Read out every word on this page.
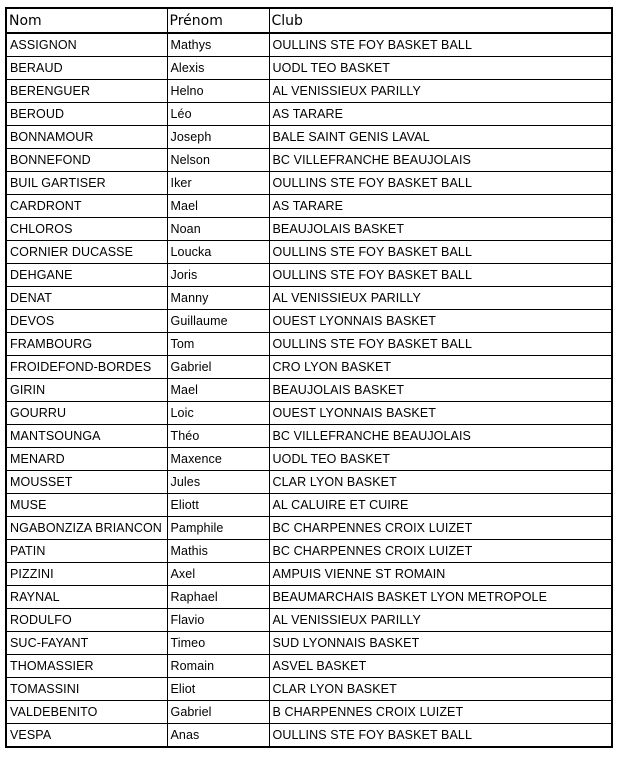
Nom	Prénom	Club
ASSIGNON	Mathys	OULLINS STE FOY BASKET BALL
BERAUD	Alexis	UODL TEO BASKET
BERENGUER	Helno	AL VENISSIEUX PARILLY
BEROUD	Léo	AS TARARE
BONNAMOUR	Joseph	BALE SAINT GENIS LAVAL
BONNEFOND	Nelson	BC VILLEFRANCHE BEAUJOLAIS
BUIL GARTISER	Iker	OULLINS STE FOY BASKET BALL
CARDRONT	Mael	AS TARARE
CHLOROS	Noan	BEAUJOLAIS BASKET
CORNIER DUCASSE	Loucka	OULLINS STE FOY BASKET BALL
DEHGANE	Joris	OULLINS STE FOY BASKET BALL
DENAT	Manny	AL VENISSIEUX PARILLY
DEVOS	Guillaume	OUEST LYONNAIS BASKET
FRAMBOURG	Tom	OULLINS STE FOY BASKET BALL
FROIDEFOND-BORDES	Gabriel	CRO LYON BASKET
GIRIN	Mael	BEAUJOLAIS BASKET
GOURRU	Loic	OUEST LYONNAIS BASKET
MANTSOUNGA	Théo	BC VILLEFRANCHE BEAUJOLAIS
MENARD	Maxence	UODL TEO BASKET
MOUSSET	Jules	CLAR LYON BASKET
MUSE	Eliott	AL CALUIRE ET CUIRE
NGABONZIZA BRIANCON	Pamphile	BC CHARPENNES CROIX LUIZET
PATIN	Mathis	BC CHARPENNES CROIX LUIZET
PIZZINI	Axel	AMPUIS VIENNE ST ROMAIN
RAYNAL	Raphael	BEAUMARCHAIS BASKET LYON METROPOLE
RODULFO	Flavio	AL VENISSIEUX PARILLY
SUC-FAYANT	Timeo	SUD LYONNAIS BASKET
THOMASSIER	Romain	ASVEL BASKET
TOMASSINI	Eliot	CLAR LYON BASKET
VALDEBENITO	Gabriel	B CHARPENNES CROIX LUIZET
VESPA	Anas	OULLINS STE FOY BASKET BALL
